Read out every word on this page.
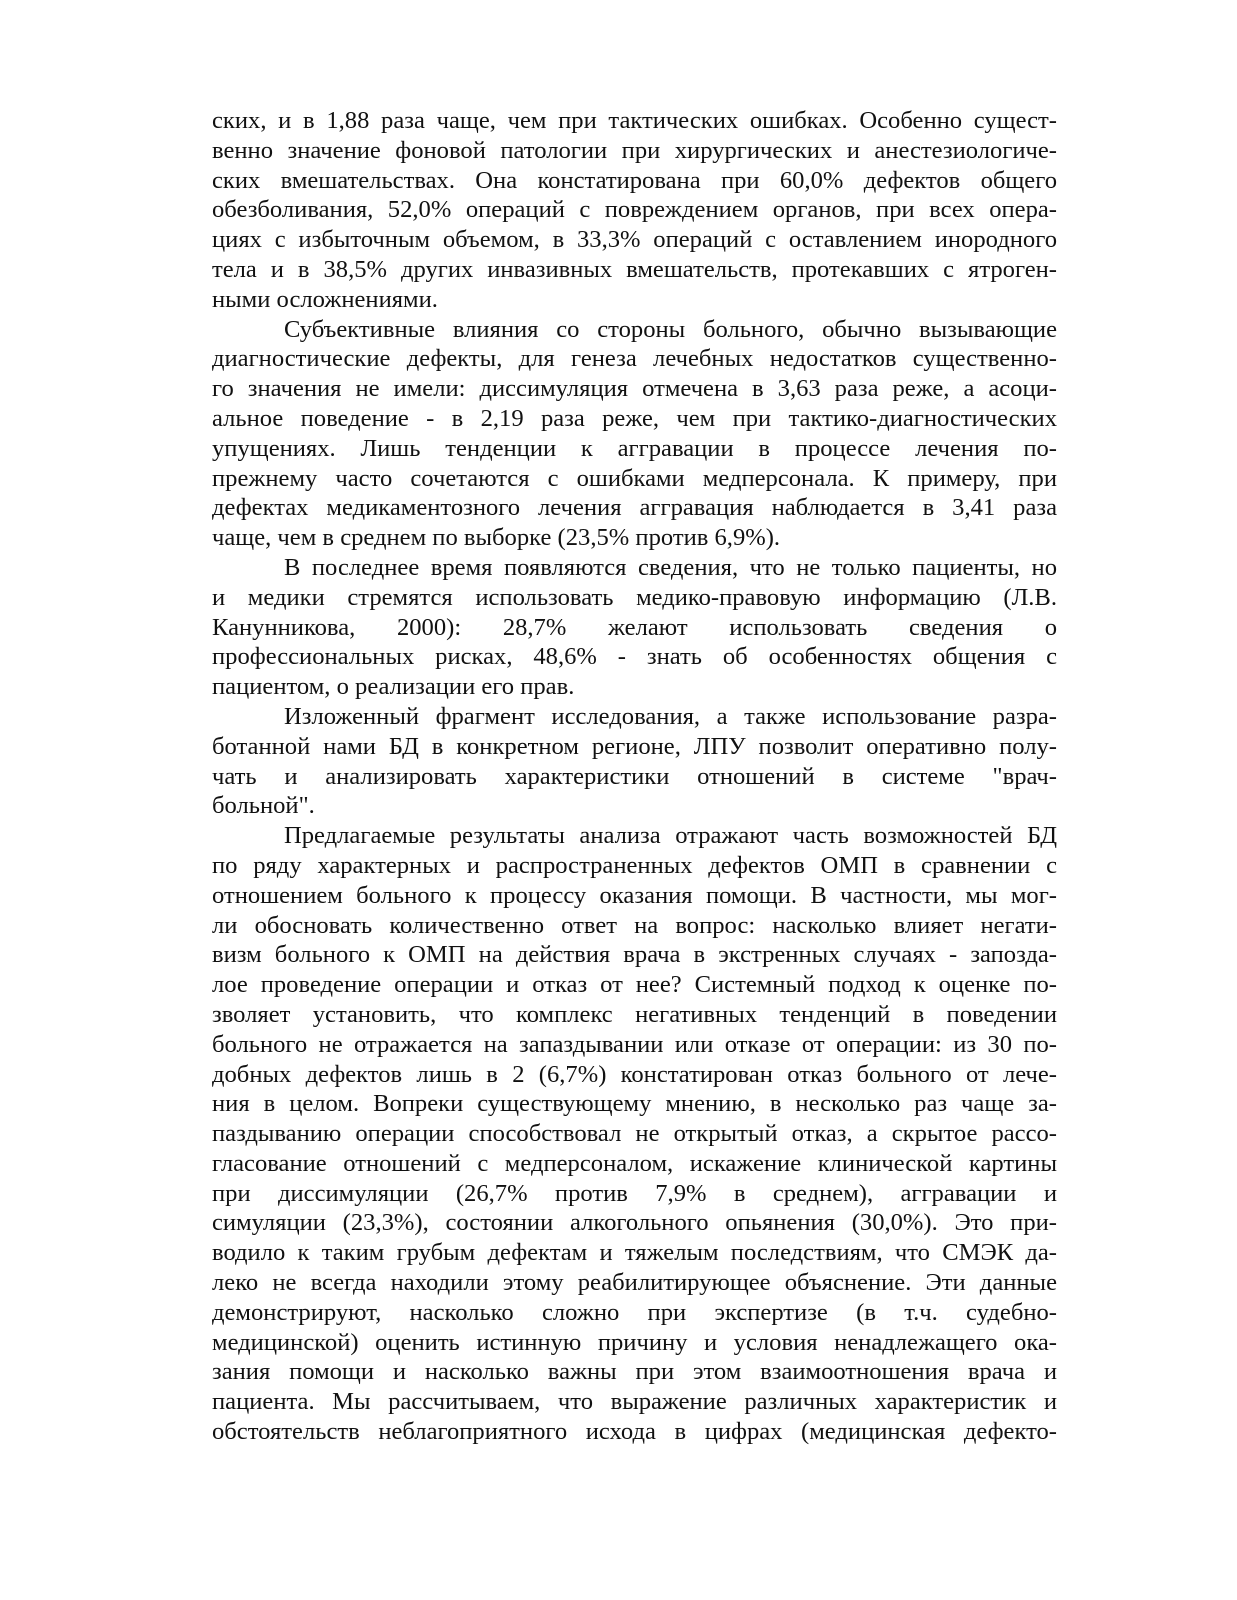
ских, и в 1,88 раза чаще, чем при тактических ошибках. Особенно сущест-
венно значение фоновой патологии при хирургических и анестезиологиче-
ских вмешательствах. Она констатирована при 60,0% дефектов общего
обезболивания, 52,0% операций с повреждением органов, при всех опера-
циях с избыточным объемом, в 33,3% операций с оставлением инородного
тела и в 38,5% других инвазивных вмешательств, протекавших с ятроген-
ными осложнениями.
Субъективные влияния со стороны больного, обычно вызывающие
диагностические дефекты, для генеза лечебных недостатков существенно-
го значения не имели: диссимуляция отмечена в 3,63 раза реже, а асоци-
альное поведение - в 2,19 раза реже, чем при тактико-диагностических
упущениях. Лишь тенденции к аггравации в процессе лечения по-
прежнему часто сочетаются с ошибками медперсонала. К примеру, при
дефектах медикаментозного лечения аггравация наблюдается в 3,41 раза
чаще, чем в среднем по выборке (23,5% против 6,9%).
В последнее время появляются сведения, что не только пациенты, но
и медики стремятся использовать медико-правовую информацию (Л.В.
Канунникова, 2000): 28,7% желают использовать сведения о
профессиональных рисках, 48,6% - знать об особенностях общения с
пациентом, о реализации его прав.
Изложенный фрагмент исследования, а также использование разра-
ботанной нами БД в конкретном регионе, ЛПУ позволит оперативно полу-
чать и анализировать характеристики отношений в системе "врач-
больной".
Предлагаемые результаты анализа отражают часть возможностей БД
по ряду характерных и распространенных дефектов ОМП в сравнении с
отношением больного к процессу оказания помощи. В частности, мы мог-
ли обосновать количественно ответ на вопрос: насколько влияет негати-
визм больного к ОМП на действия врача в экстренных случаях - запозда-
лое проведение операции и отказ от нее? Системный подход к оценке по-
зволяет установить, что комплекс негативных тенденций в поведении
больного не отражается на запаздывании или отказе от операции: из 30 по-
добных дефектов лишь в 2 (6,7%) констатирован отказ больного от лече-
ния в целом. Вопреки существующему мнению, в несколько раз чаще за-
паздыванию операции способствовал не открытый отказ, а скрытое рассо-
гласование отношений с медперсоналом, искажение клинической картины
при диссимуляции (26,7% против 7,9% в среднем), аггравации и
симуляции (23,3%), состоянии алкогольного опьянения (30,0%). Это при-
водило к таким грубым дефектам и тяжелым последствиям, что СМЭК да-
леко не всегда находили этому реабилитирующее объяснение. Эти данные
демонстрируют, насколько сложно при экспертизе (в т.ч. судебно-
медицинской) оценить истинную причину и условия ненадлежащего ока-
зания помощи и насколько важны при этом взаимоотношения врача и
пациента. Мы рассчитываем, что выражение различных характеристик и
обстоятельств неблагоприятного исхода в цифрах (медицинская дефекто-
